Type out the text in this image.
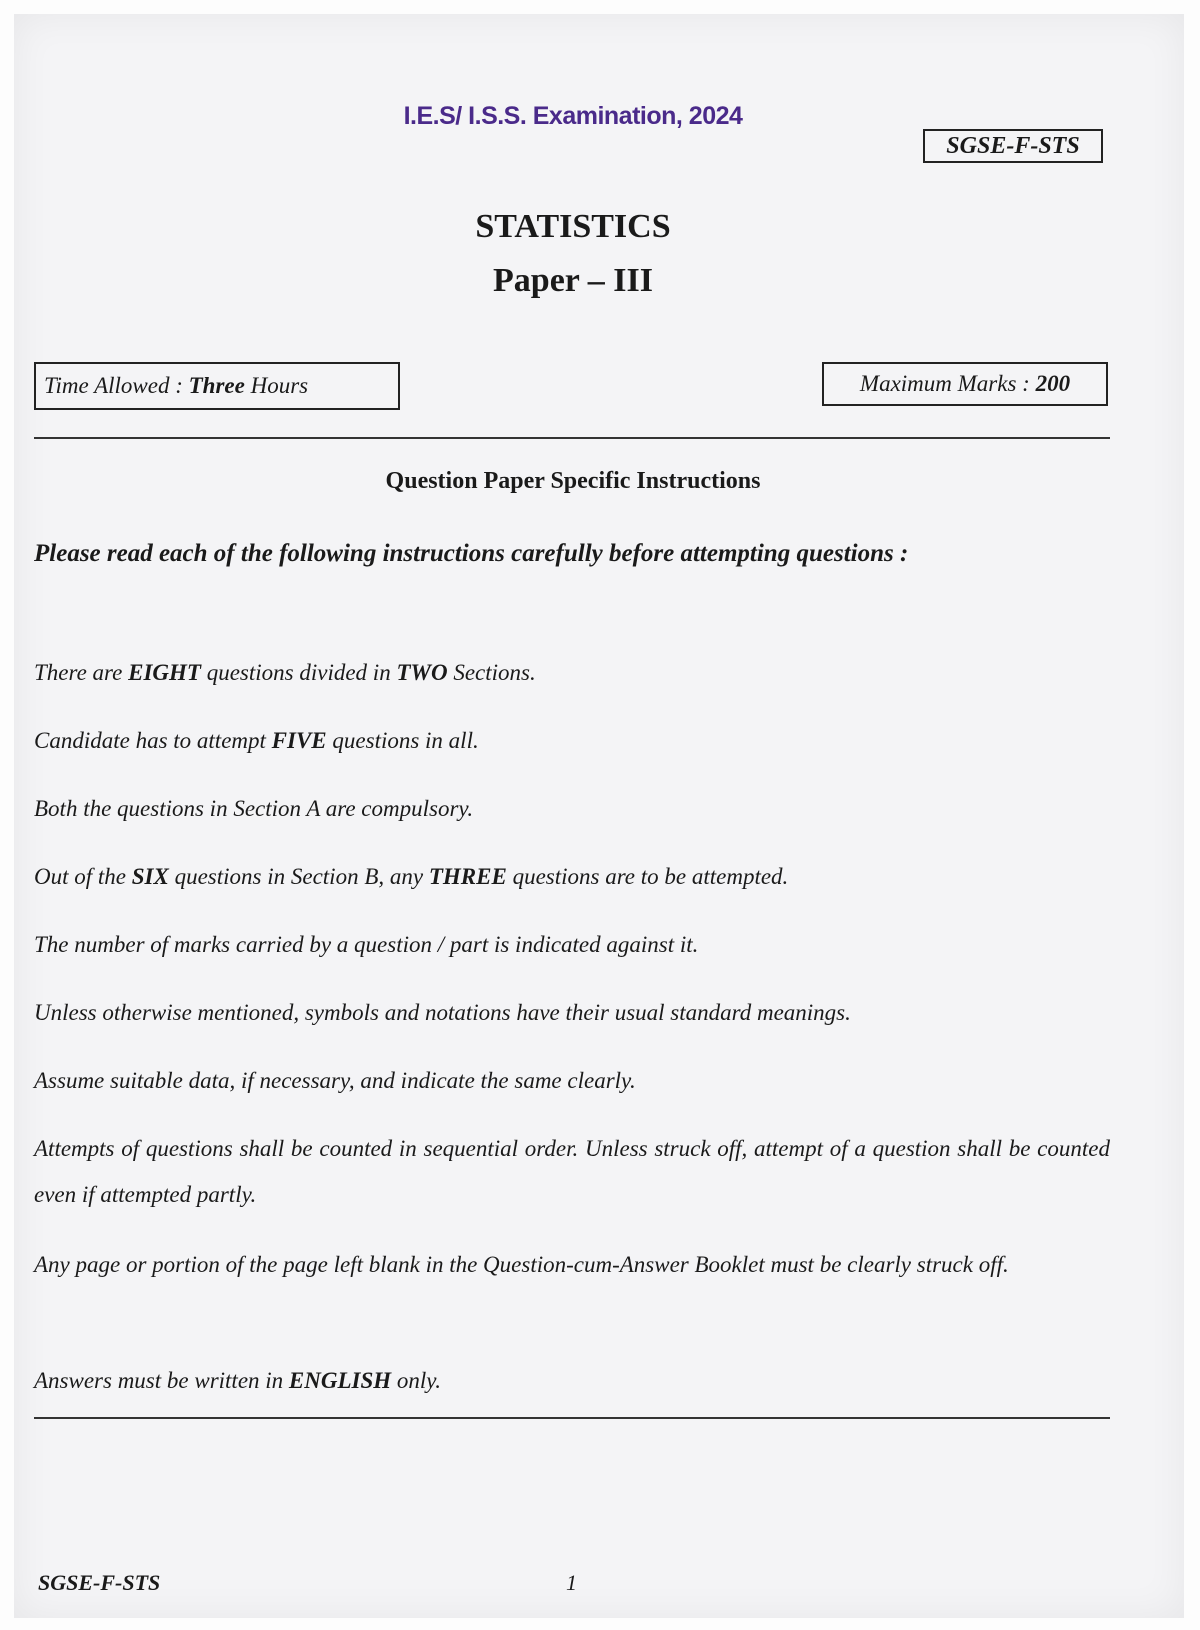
I.E.S/ I.S.S. Examination, 2024
SGSE-F-STS
STATISTICS
Paper – III
Time Allowed : Three Hours	Maximum Marks : 200
Question Paper Specific Instructions
Please read each of the following instructions carefully before attempting questions :
There are EIGHT questions divided in TWO Sections.
Candidate has to attempt FIVE questions in all.
Both the questions in Section A are compulsory.
Out of the SIX questions in Section B, any THREE questions are to be attempted.
The number of marks carried by a question / part is indicated against it.
Unless otherwise mentioned, symbols and notations have their usual standard meanings.
Assume suitable data, if necessary, and indicate the same clearly.
Attempts of questions shall be counted in sequential order. Unless struck off, attempt of a question shall be counted even if attempted partly.
Any page or portion of the page left blank in the Question-cum-Answer Booklet must be clearly struck off.
Answers must be written in ENGLISH only.
SGSE-F-STS	1
